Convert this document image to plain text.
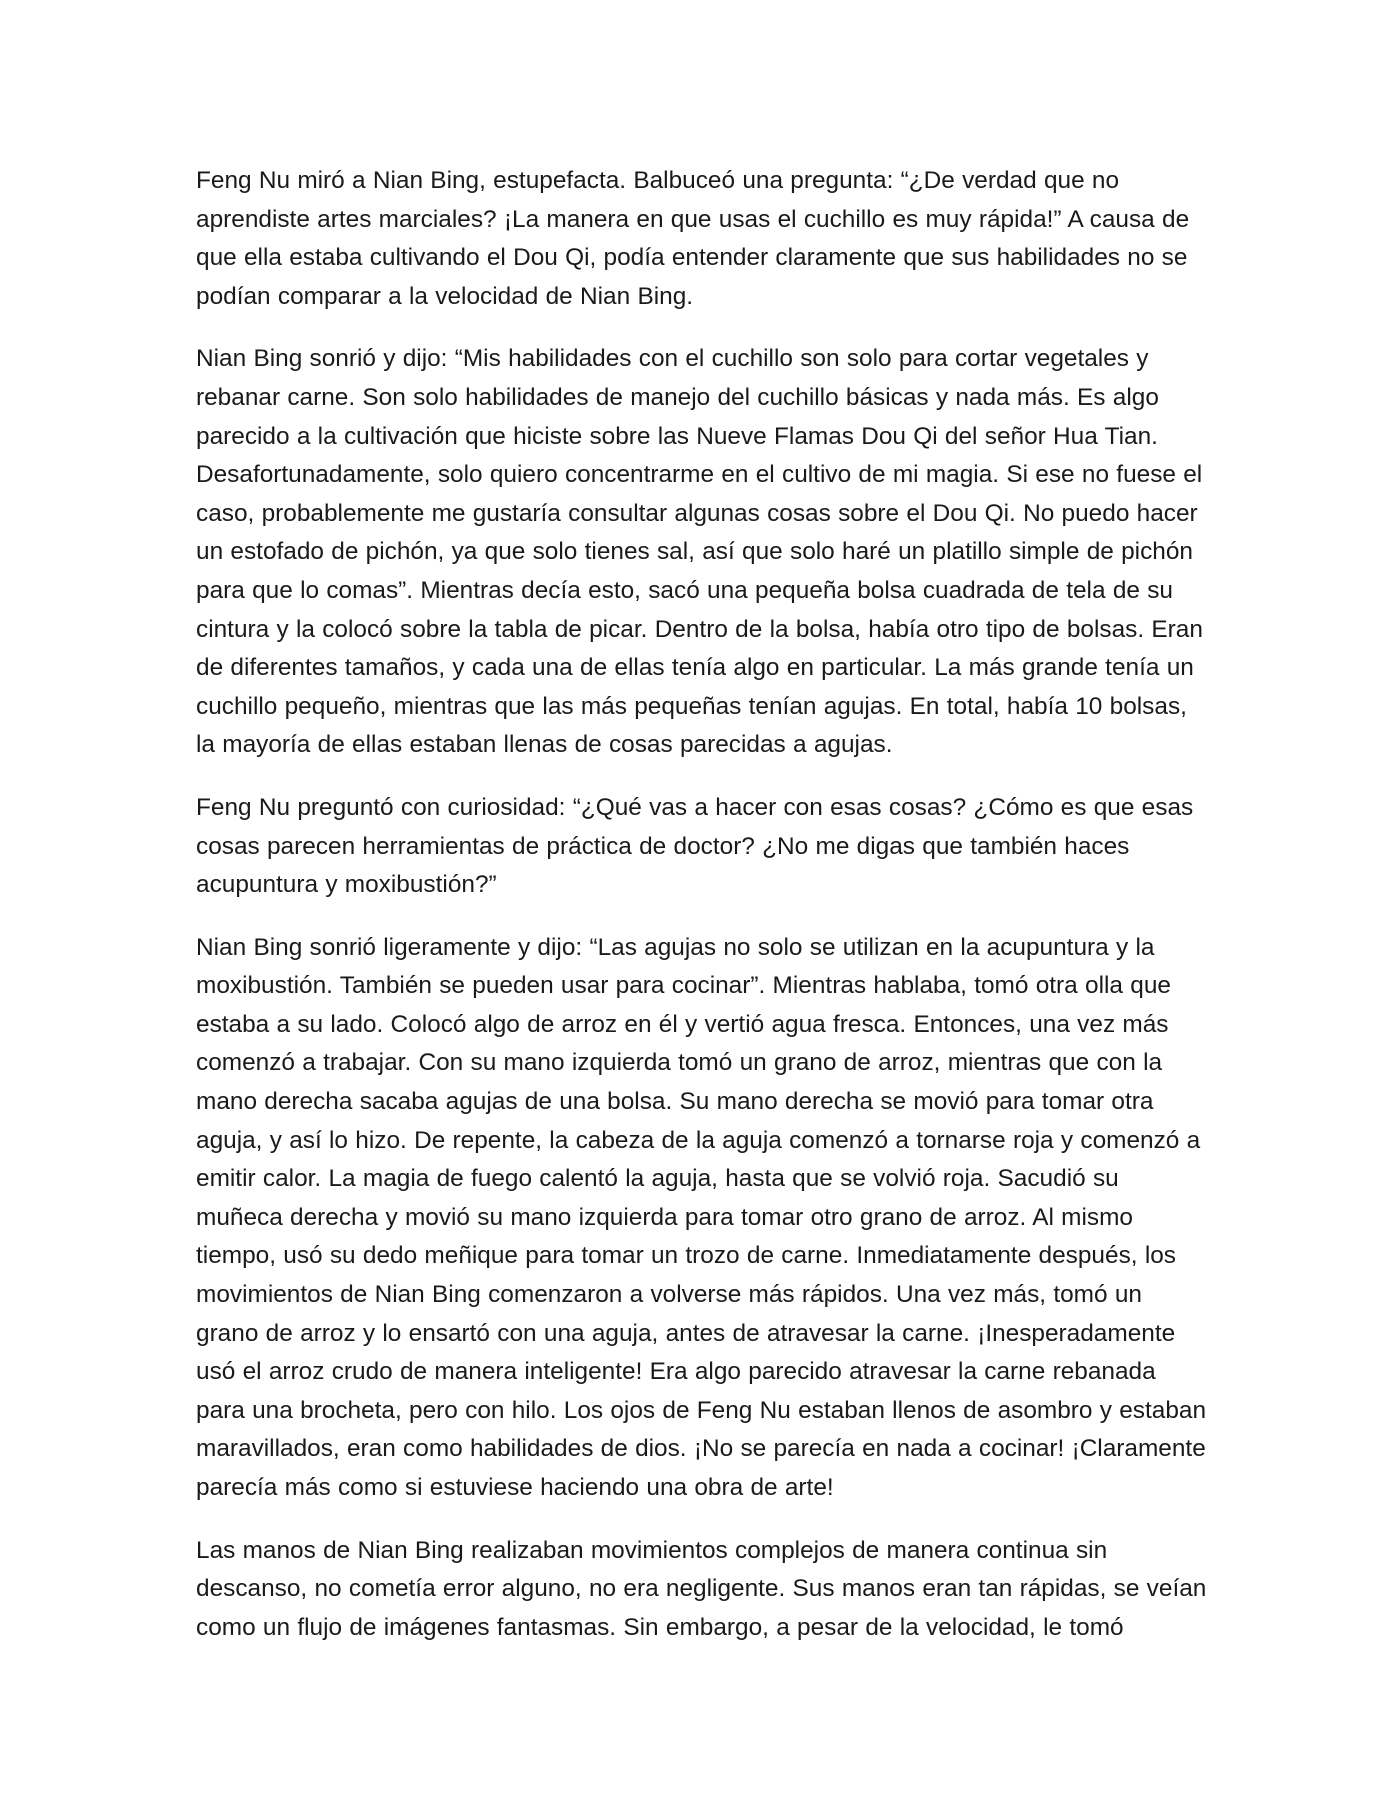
Feng Nu miró a Nian Bing, estupefacta. Balbuceó una pregunta: “¿De verdad que no aprendiste artes marciales? ¡La manera en que usas el cuchillo es muy rápida!” A causa de que ella estaba cultivando el Dou Qi, podía entender claramente que sus habilidades no se podían comparar a la velocidad de Nian Bing.

Nian Bing sonrió y dijo: “Mis habilidades con el cuchillo son solo para cortar vegetales y rebanar carne. Son solo habilidades de manejo del cuchillo básicas y nada más. Es algo parecido a la cultivación que hiciste sobre las Nueve Flamas Dou Qi del señor Hua Tian. Desafortunadamente, solo quiero concentrarme en el cultivo de mi magia. Si ese no fuese el caso, probablemente me gustaría consultar algunas cosas sobre el Dou Qi. No puedo hacer un estofado de pichón, ya que solo tienes sal, así que solo haré un platillo simple de pichón para que lo comas”. Mientras decía esto, sacó una pequeña bolsa cuadrada de tela de su cintura y la colocó sobre la tabla de picar. Dentro de la bolsa, había otro tipo de bolsas. Eran de diferentes tamaños, y cada una de ellas tenía algo en particular. La más grande tenía un cuchillo pequeño, mientras que las más pequeñas tenían agujas. En total, había 10 bolsas, la mayoría de ellas estaban llenas de cosas parecidas a agujas.

Feng Nu preguntó con curiosidad: “¿Qué vas a hacer con esas cosas? ¿Cómo es que esas cosas parecen herramientas de práctica de doctor? ¿No me digas que también haces acupuntura y moxibustión?”

Nian Bing sonrió ligeramente y dijo: “Las agujas no solo se utilizan en la acupuntura y la moxibustión. También se pueden usar para cocinar”. Mientras hablaba, tomó otra olla que estaba a su lado. Colocó algo de arroz en él y vertió agua fresca. Entonces, una vez más comenzó a trabajar. Con su mano izquierda tomó un grano de arroz, mientras que con la mano derecha sacaba agujas de una bolsa. Su mano derecha se movió para tomar otra aguja, y así lo hizo. De repente, la cabeza de la aguja comenzó a tornarse roja y comenzó a emitir calor. La magia de fuego calentó la aguja, hasta que se volvió roja. Sacudió su muñeca derecha y movió su mano izquierda para tomar otro grano de arroz. Al mismo tiempo, usó su dedo meñique para tomar un trozo de carne. Inmediatamente después, los movimientos de Nian Bing comenzaron a volverse más rápidos. Una vez más, tomó un grano de arroz y lo ensartó con una aguja, antes de atravesar la carne. ¡Inesperadamente usó el arroz crudo de manera inteligente! Era algo parecido atravesar la carne rebanada para una brocheta, pero con hilo. Los ojos de Feng Nu estaban llenos de asombro y estaban maravillados, eran como habilidades de dios. ¡No se parecía en nada a cocinar! ¡Claramente parecía más como si estuviese haciendo una obra de arte!

Las manos de Nian Bing realizaban movimientos complejos de manera continua sin descanso, no cometía error alguno, no era negligente. Sus manos eran tan rápidas, se veían como un flujo de imágenes fantasmas. Sin embargo, a pesar de la velocidad, le tomó
